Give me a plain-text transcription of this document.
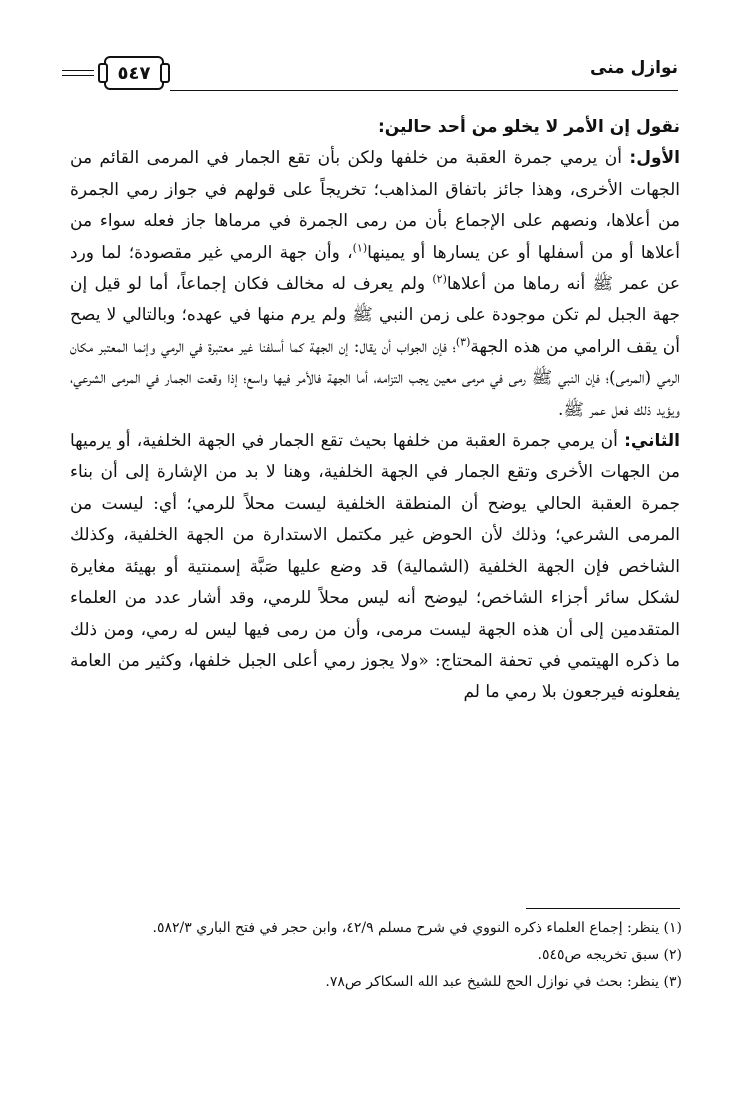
نوازل منى
٥٤٧

نقول إن الأمر لا يخلو من أحد حالين:

الأول: أن يرمي جمرة العقبة من خلفها ولكن بأن تقع الجمار في المرمى القائم من الجهات الأخرى، وهذا جائز باتفاق المذاهب؛ تخريجاً على قولهم في جواز رمي الجمرة من أعلاها، ونصهم على الإجماع بأن من رمى الجمرة في مرماها جاز فعله سواء من أعلاها أو من أسفلها أو عن يسارها أو يمينها$^{(١)}$، وأن جهة الرمي غير مقصودة؛ لما ورد عن عمر ﷺ أنه رماها من أعلاها$^{(٢)}$ ولم يعرف له مخالف فكان إجماعاً، أما لو قيل إن جهة الجبل لم تكن موجودة على زمن النبي ﷺ ولم يرم منها في عهده؛ وبالتالي لا يصح أن يقف الرامي من هذه الجهة$^{(٣)}$؛ فإن الجواب أن يقال: إن الجهة كما أسلفنا غير معتبرة في الرمي وإنما المعتبر مكان الرمي (المرمى)؛ فإن النبي ﷺ رمى في مرمى معين يجب التزامه، أما الجهة فالأمر فيها واسع؛ إذا وقعت الجمار في المرمى الشرعي، ويؤيد ذلك فعل عمر ﷺ.

الثاني: أن يرمي جمرة العقبة من خلفها بحيث تقع الجمار في الجهة الخلفية، أو يرميها من الجهات الأخرى وتقع الجمار في الجهة الخلفية، وهنا لا بد من الإشارة إلى أن بناء جمرة العقبة الحالي يوضح أن المنطقة الخلفية ليست محلاً للرمي؛ أي: ليست من المرمى الشرعي؛ وذلك لأن الحوض غير مكتمل الاستدارة من الجهة الخلفية، وكذلك الشاخص فإن الجهة الخلفية (الشمالية) قد وضع عليها صَبَّة إسمنتية أو بهيئة مغايرة لشكل سائر أجزاء الشاخص؛ ليوضح أنه ليس محلاً للرمي، وقد أشار عدد من العلماء المتقدمين إلى أن هذه الجهة ليست مرمى، وأن من رمى فيها ليس له رمي، ومن ذلك ما ذكره الهيتمي في تحفة المحتاج: «ولا يجوز رمي أعلى الجبل خلفها، وكثير من العامة يفعلونه فيرجعون بلا رمي ما لم

(١) ينظر: إجماع العلماء ذكره النووي في شرح مسلم ٤٢/٩، وابن حجر في فتح الباري ٥٨٢/٣.

(٢) سبق تخريجه ص٥٤٥.

(٣) ينظر: بحث في نوازل الحج للشيخ عبد الله السكاكر ص٧٨.
